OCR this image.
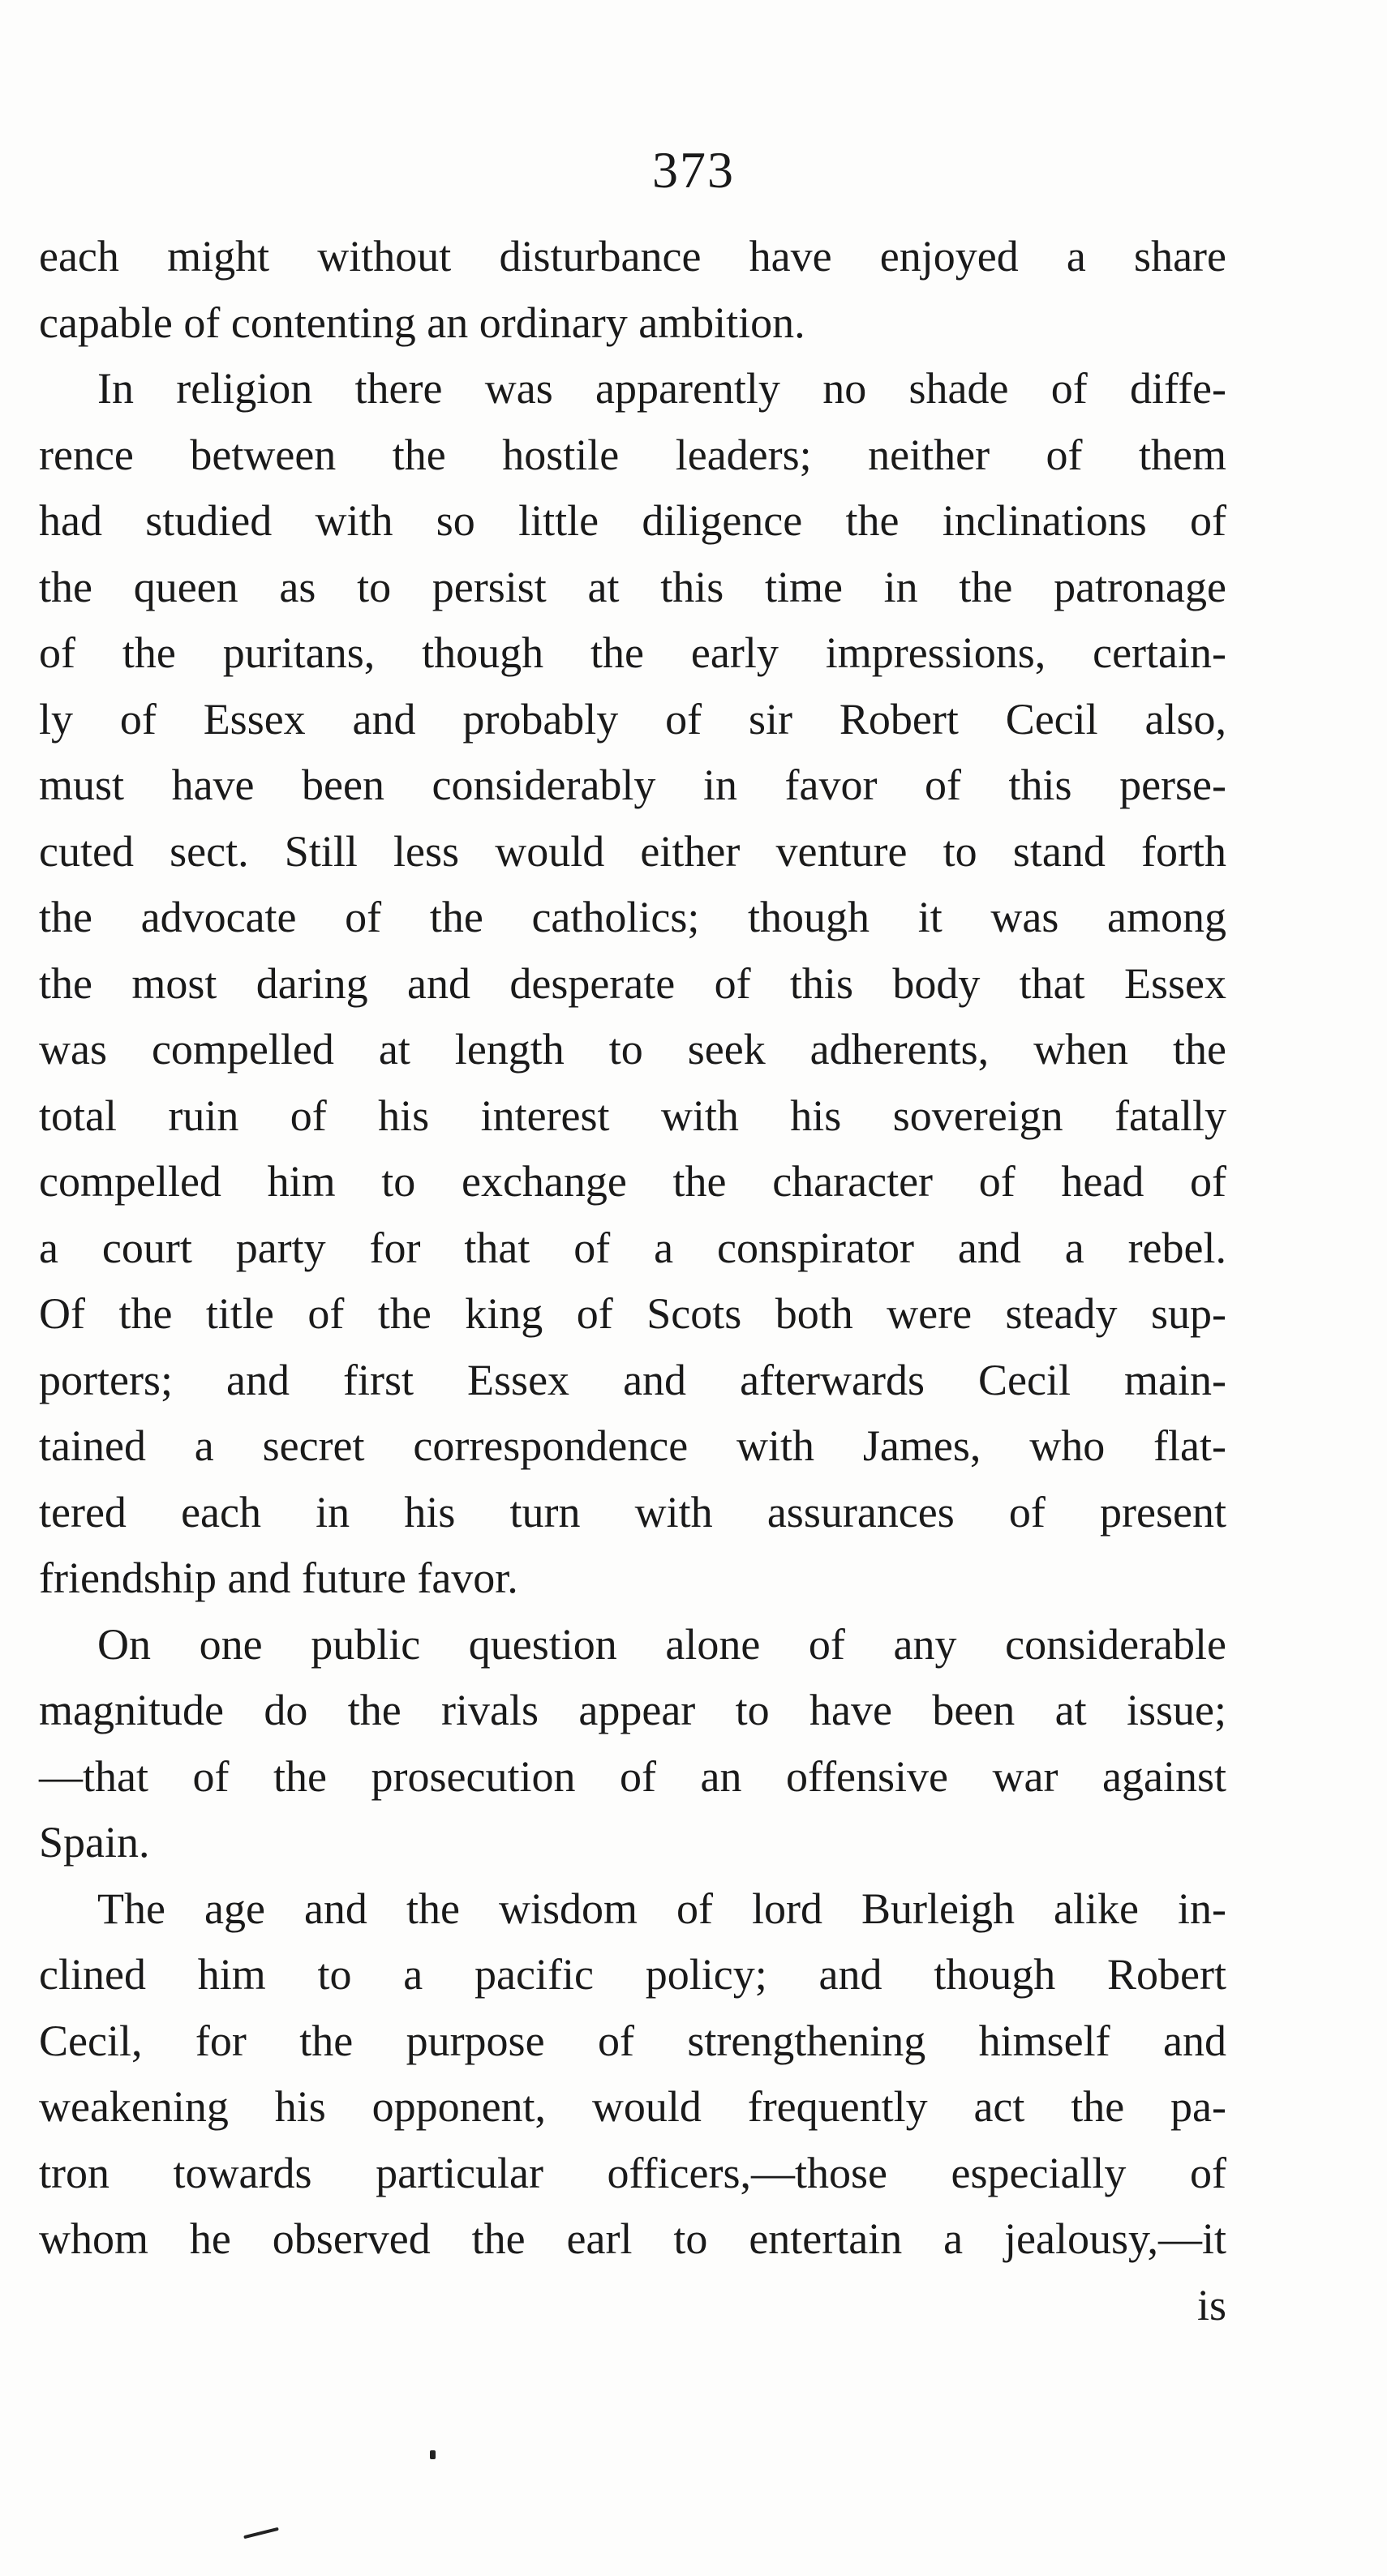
373
each might without disturbance have enjoyed a share
capable of contenting an ordinary ambition.
In religion there was apparently no shade of diffe-
rence between the hostile leaders; neither of them
had studied with so little diligence the inclinations of
the queen as to persist at this time in the patronage
of the puritans, though the early impressions, certain-
ly of Essex and probably of sir Robert Cecil also,
must have been considerably in favor of this perse-
cuted sect. Still less would either venture to stand forth
the advocate of the catholics; though it was among
the most daring and desperate of this body that Essex
was compelled at length to seek adherents, when the
total ruin of his interest with his sovereign fatally
compelled him to exchange the character of head of
a court party for that of a conspirator and a rebel.
Of the title of the king of Scots both were steady sup-
porters; and first Essex and afterwards Cecil main-
tained a secret correspondence with James, who flat-
tered each in his turn with assurances of present
friendship and future favor.
On one public question alone of any considerable
magnitude do the rivals appear to have been at issue;
—that of the prosecution of an offensive war against
Spain.
The age and the wisdom of lord Burleigh alike in-
clined him to a pacific policy; and though Robert
Cecil, for the purpose of strengthening himself and
weakening his opponent, would frequently act the pa-
tron towards particular officers,—those especially of
whom he observed the earl to entertain a jealousy,—it
is
